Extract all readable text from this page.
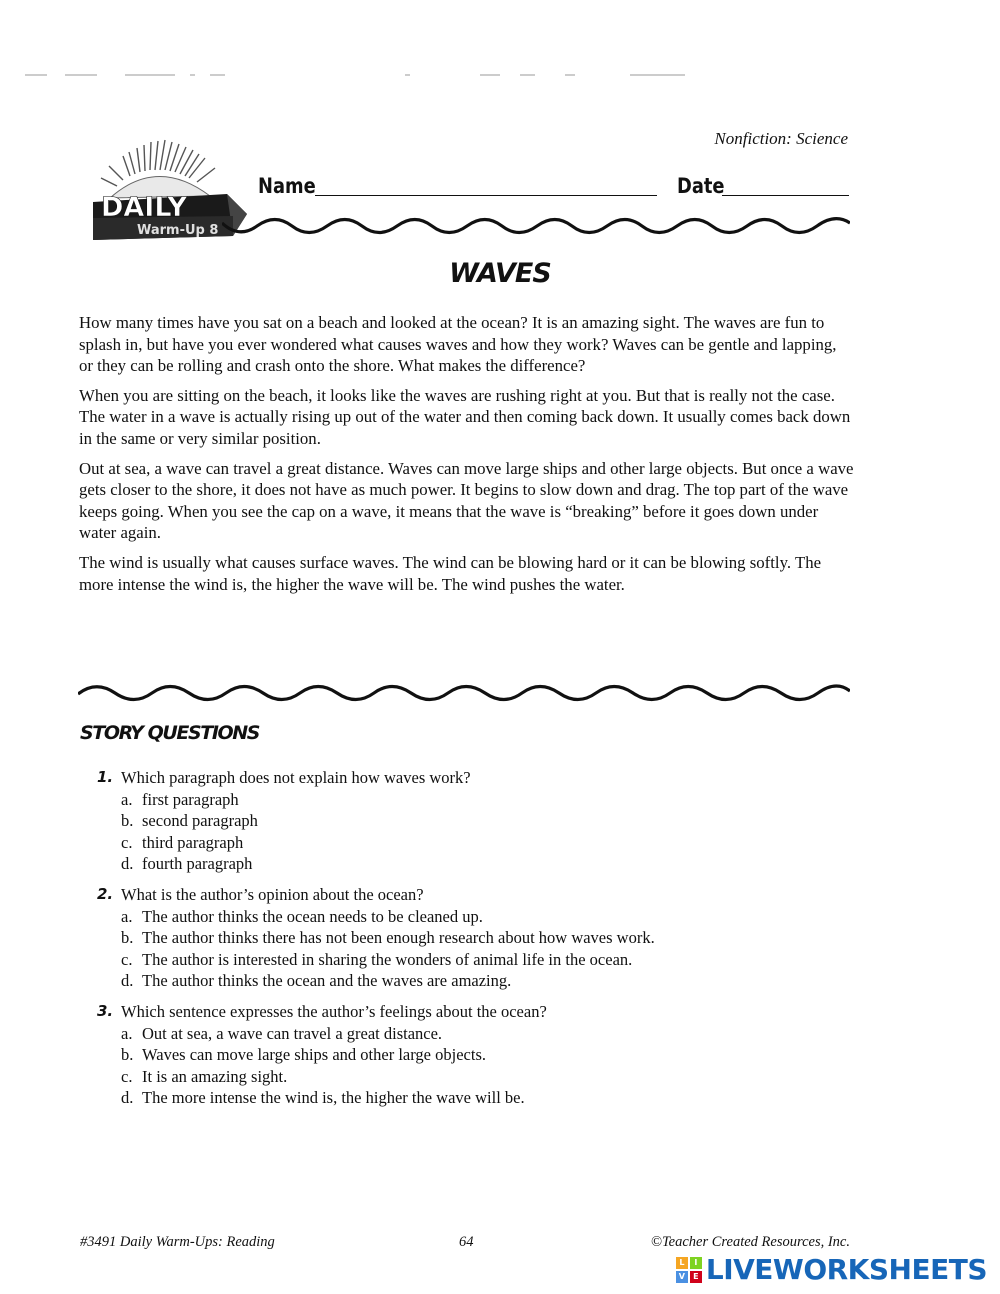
Nonfiction: Science
DAILY
Warm-Up 8
Name	Date
WAVES

How many times have you sat on a beach and looked at the ocean? It is an amazing sight. The waves are fun to splash in, but have you ever wondered what causes waves and how they work? Waves can be gentle and lapping, or they can be rolling and crash onto the shore. What makes the difference?

When you are sitting on the beach, it looks like the waves are rushing right at you. But that is really not the case. The water in a wave is actually rising up out of the water and then coming back down. It usually comes back down in the same or very similar position.

Out at sea, a wave can travel a great distance. Waves can move large ships and other large objects. But once a wave gets closer to the shore, it does not have as much power. It begins to slow down and drag. The top part of the wave keeps going. When you see the cap on a wave, it means that the wave is “breaking” before it goes down under water again.

The wind is usually what causes surface waves. The wind can be blowing hard or it can be blowing softly. The more intense the wind is, the higher the wave will be. The wind pushes the water.

STORY QUESTIONS
1. Which paragraph does not explain how waves work?
a. first paragraph
b. second paragraph
c. third paragraph
d. fourth paragraph
2. What is the author’s opinion about the ocean?
a. The author thinks the ocean needs to be cleaned up.
b. The author thinks there has not been enough research about how waves work.
c. The author is interested in sharing the wonders of animal life in the ocean.
d. The author thinks the ocean and the waves are amazing.
3. Which sentence expresses the author’s feelings about the ocean?
a. Out at sea, a wave can travel a great distance.
b. Waves can move large ships and other large objects.
c. It is an amazing sight.
d. The more intense the wind is, the higher the wave will be.
#3491 Daily Warm-Ups: Reading	64	©Teacher Created Resources, Inc.
L	I
V	E LIVEWORKSHEETS
